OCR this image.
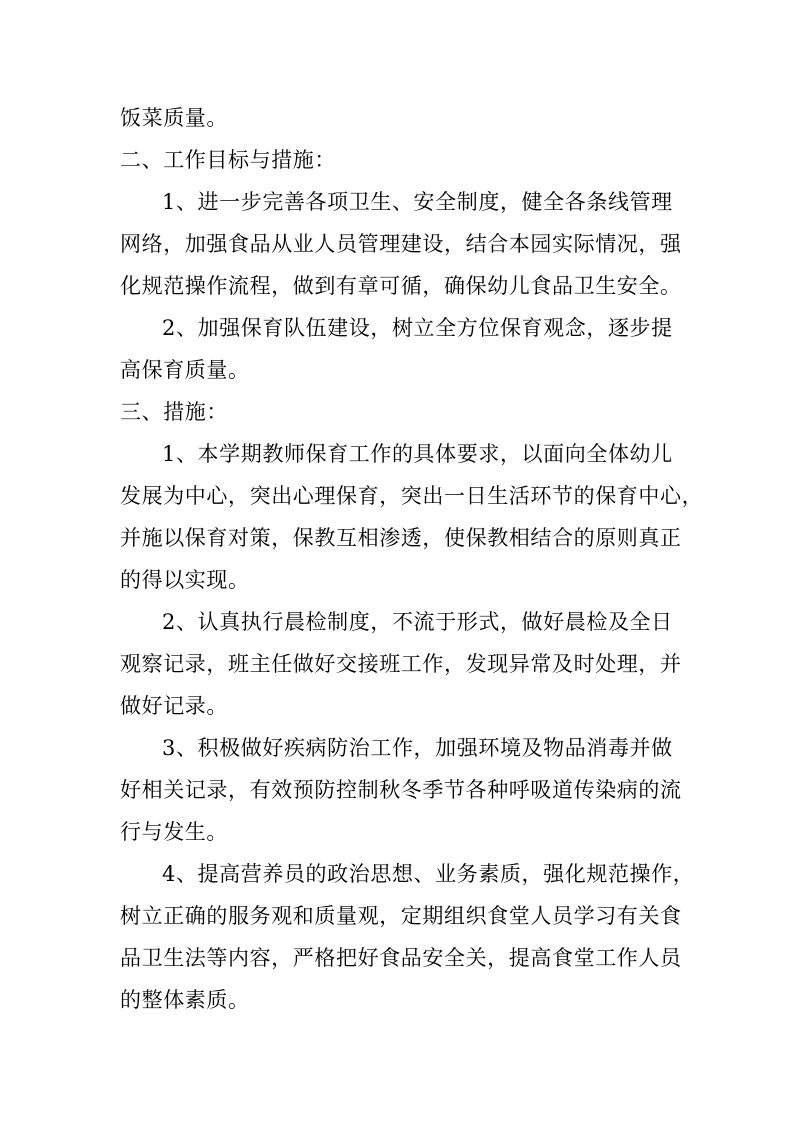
饭菜质量。
二、工作目标与措施：
1、进一步完善各项卫生、安全制度，健全各条线管理
网络，加强食品从业人员管理建设，结合本园实际情况，强
化规范操作流程，做到有章可循，确保幼儿食品卫生安全。
2、加强保育队伍建设，树立全方位保育观念，逐步提
高保育质量。
三、措施：
1、本学期教师保育工作的具体要求，以面向全体幼儿
发展为中心，突出心理保育，突出一日生活环节的保育中心，
并施以保育对策，保教互相渗透，使保教相结合的原则真正
的得以实现。
2、认真执行晨检制度，不流于形式，做好晨检及全日
观察记录，班主任做好交接班工作，发现异常及时处理，并
做好记录。
3、积极做好疾病防治工作，加强环境及物品消毒并做
好相关记录，有效预防控制秋冬季节各种呼吸道传染病的流
行与发生。
4、提高营养员的政治思想、业务素质，强化规范操作，
树立正确的服务观和质量观，定期组织食堂人员学习有关食
品卫生法等内容，严格把好食品安全关，提高食堂工作人员
的整体素质。
